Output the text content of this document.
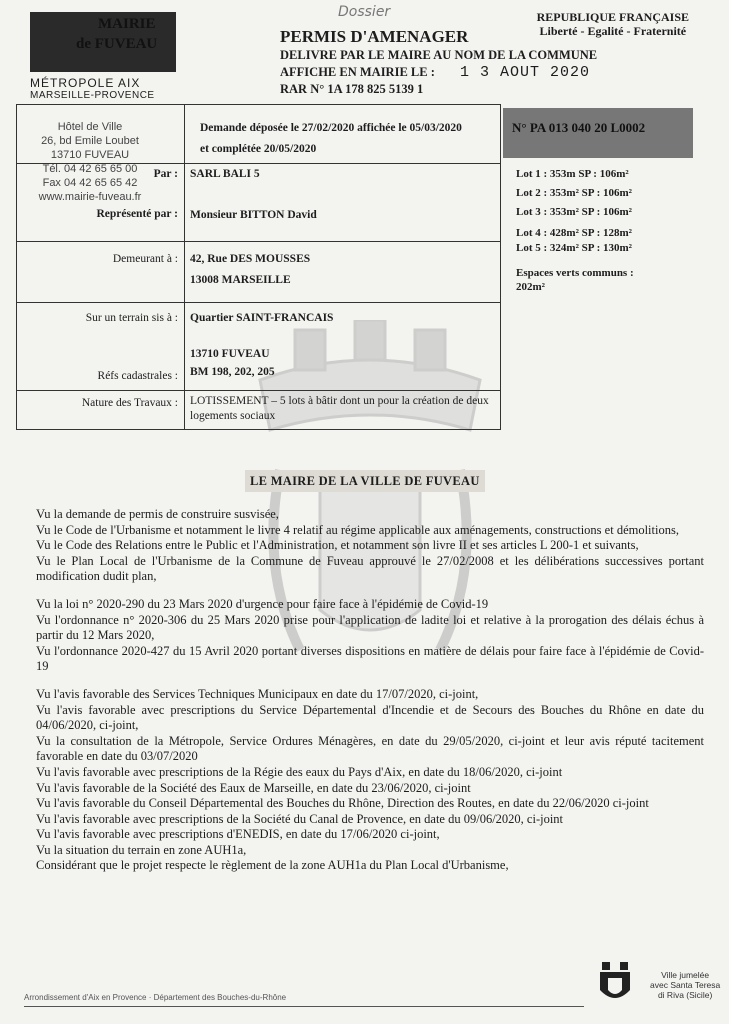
MAIRIE
de FUVEAU
MÉTROPOLE AIX
MARSEILLE-PROVENCE
Dossier
PERMIS D'AMENAGER
DELIVRE PAR LE MAIRE AU NOM DE LA COMMUNE
AFFICHE EN MAIRIE LE : 1 3 AOUT 2020
RAR N° 1A 178 825 5139 1
REPUBLIQUE FRANÇAISE
Liberté - Egalité - Fraternité
Hôtel de Ville
26, bd Emile Loubet
13710 FUVEAU
Tél. 04 42 65 65 00
Fax 04 42 65 65 42
www.mairie-fuveau.fr
Demande déposée le 27/02/2020 affichée le 05/03/2020
et complétée 20/05/2020
Par : SARL BALI 5
Représenté par : Monsieur BITTON David
Demeurant à : 42, Rue DES MOUSSES
13008 MARSEILLE
Sur un terrain sis à : Quartier SAINT-FRANCAIS
13710 FUVEAU
Réfs cadastrales : BM 198, 202, 205
Nature des Travaux : LOTISSEMENT – 5 lots à bâtir dont un pour la création de deux logements sociaux
N° PA 013 040 20 L0002
Lot 1 : 353m SP : 106m²
Lot 2 : 353m² SP : 106m²
Lot 3 : 353m² SP : 106m²
Lot 4 : 428m² SP : 128m²
Lot 5 : 324m² SP : 130m²
Espaces verts communs :
202m²
LE MAIRE DE LA VILLE DE FUVEAU

Vu la demande de permis de construire susvisée,

Vu le Code de l'Urbanisme et notamment le livre 4 relatif au régime applicable aux aménagements, constructions et démolitions,

Vu le Code des Relations entre le Public et l'Administration, et notamment son livre II et ses articles L 200-1 et suivants,

Vu le Plan Local de l'Urbanisme de la Commune de Fuveau approuvé le 27/02/2008 et les délibérations successives portant modification dudit plan,

Vu la loi n° 2020-290 du 23 Mars 2020 d'urgence pour faire face à l'épidémie de Covid-19

Vu l'ordonnance n° 2020-306 du 25 Mars 2020 prise pour l'application de ladite loi et relative à la prorogation des délais échus à partir du 12 Mars 2020,

Vu l'ordonnance 2020-427 du 15 Avril 2020 portant diverses dispositions en matière de délais pour faire face à l'épidémie de Covid-19

Vu l'avis favorable des Services Techniques Municipaux en date du 17/07/2020, ci-joint,

Vu l'avis favorable avec prescriptions du Service Départemental d'Incendie et de Secours des Bouches du Rhône en date du 04/06/2020, ci-joint,

Vu la consultation de la Métropole, Service Ordures Ménagères, en date du 29/05/2020, ci-joint et leur avis réputé tacitement favorable en date du 03/07/2020

Vu l'avis favorable avec prescriptions de la Régie des eaux du Pays d'Aix, en date du 18/06/2020, ci-joint

Vu l'avis favorable de la Société des Eaux de Marseille, en date du 23/06/2020, ci-joint

Vu l'avis favorable du Conseil Départemental des Bouches du Rhône, Direction des Routes, en date du 22/06/2020 ci-joint

Vu l'avis favorable avec prescriptions de la Société du Canal de Provence, en date du 09/06/2020, ci-joint

Vu l'avis favorable avec prescriptions d'ENEDIS, en date du 17/06/2020 ci-joint,

Vu la situation du terrain en zone AUH1a,

Considérant que le projet respecte le règlement de la zone AUH1a du Plan Local d'Urbanisme,

Arrondissement d'Aix en Provence · Département des Bouches-du-Rhône
Ville jumelée
avec Santa Teresa
di Riva (Sicile)
